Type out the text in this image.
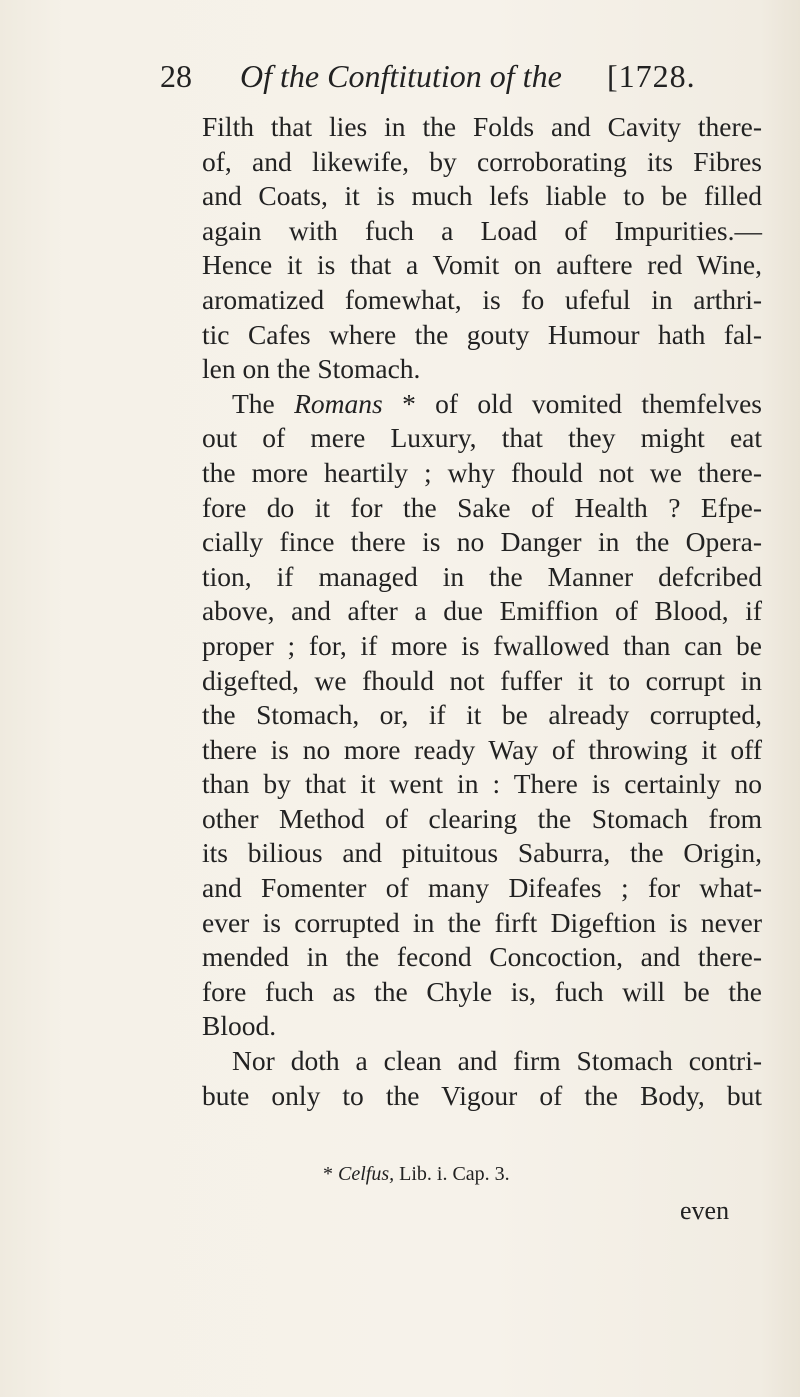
28 Of the Conftitution of the [1728.
Filth that lies in the Folds and Cavity there-
of, and likewife, by corroborating its Fibres
and Coats, it is much lefs liable to be filled
again with fuch a Load of Impurities.—
Hence it is that a Vomit on auftere red Wine,
aromatized fomewhat, is fo ufeful in arthri-
tic Cafes where the gouty Humour hath fal-
len on the Stomach.
The Romans * of old vomited themfelves
out of mere Luxury, that they might eat
the more heartily ; why fhould not we there-
fore do it for the Sake of Health ? Efpe-
cially fince there is no Danger in the Opera-
tion, if managed in the Manner defcribed
above, and after a due Emiffion of Blood, if
proper ; for, if more is fwallowed than can be
digefted, we fhould not fuffer it to corrupt in
the Stomach, or, if it be already corrupted,
there is no more ready Way of throwing it off
than by that it went in : There is certainly no
other Method of clearing the Stomach from
its bilious and pituitous Saburra, the Origin,
and Fomenter of many Difeafes ; for what-
ever is corrupted in the firft Digeftion is never
mended in the fecond Concoction, and there-
fore fuch as the Chyle is, fuch will be the
Blood.
Nor doth a clean and firm Stomach contri-
bute only to the Vigour of the Body, but
* Celfus, Lib. i. Cap. 3.
even
